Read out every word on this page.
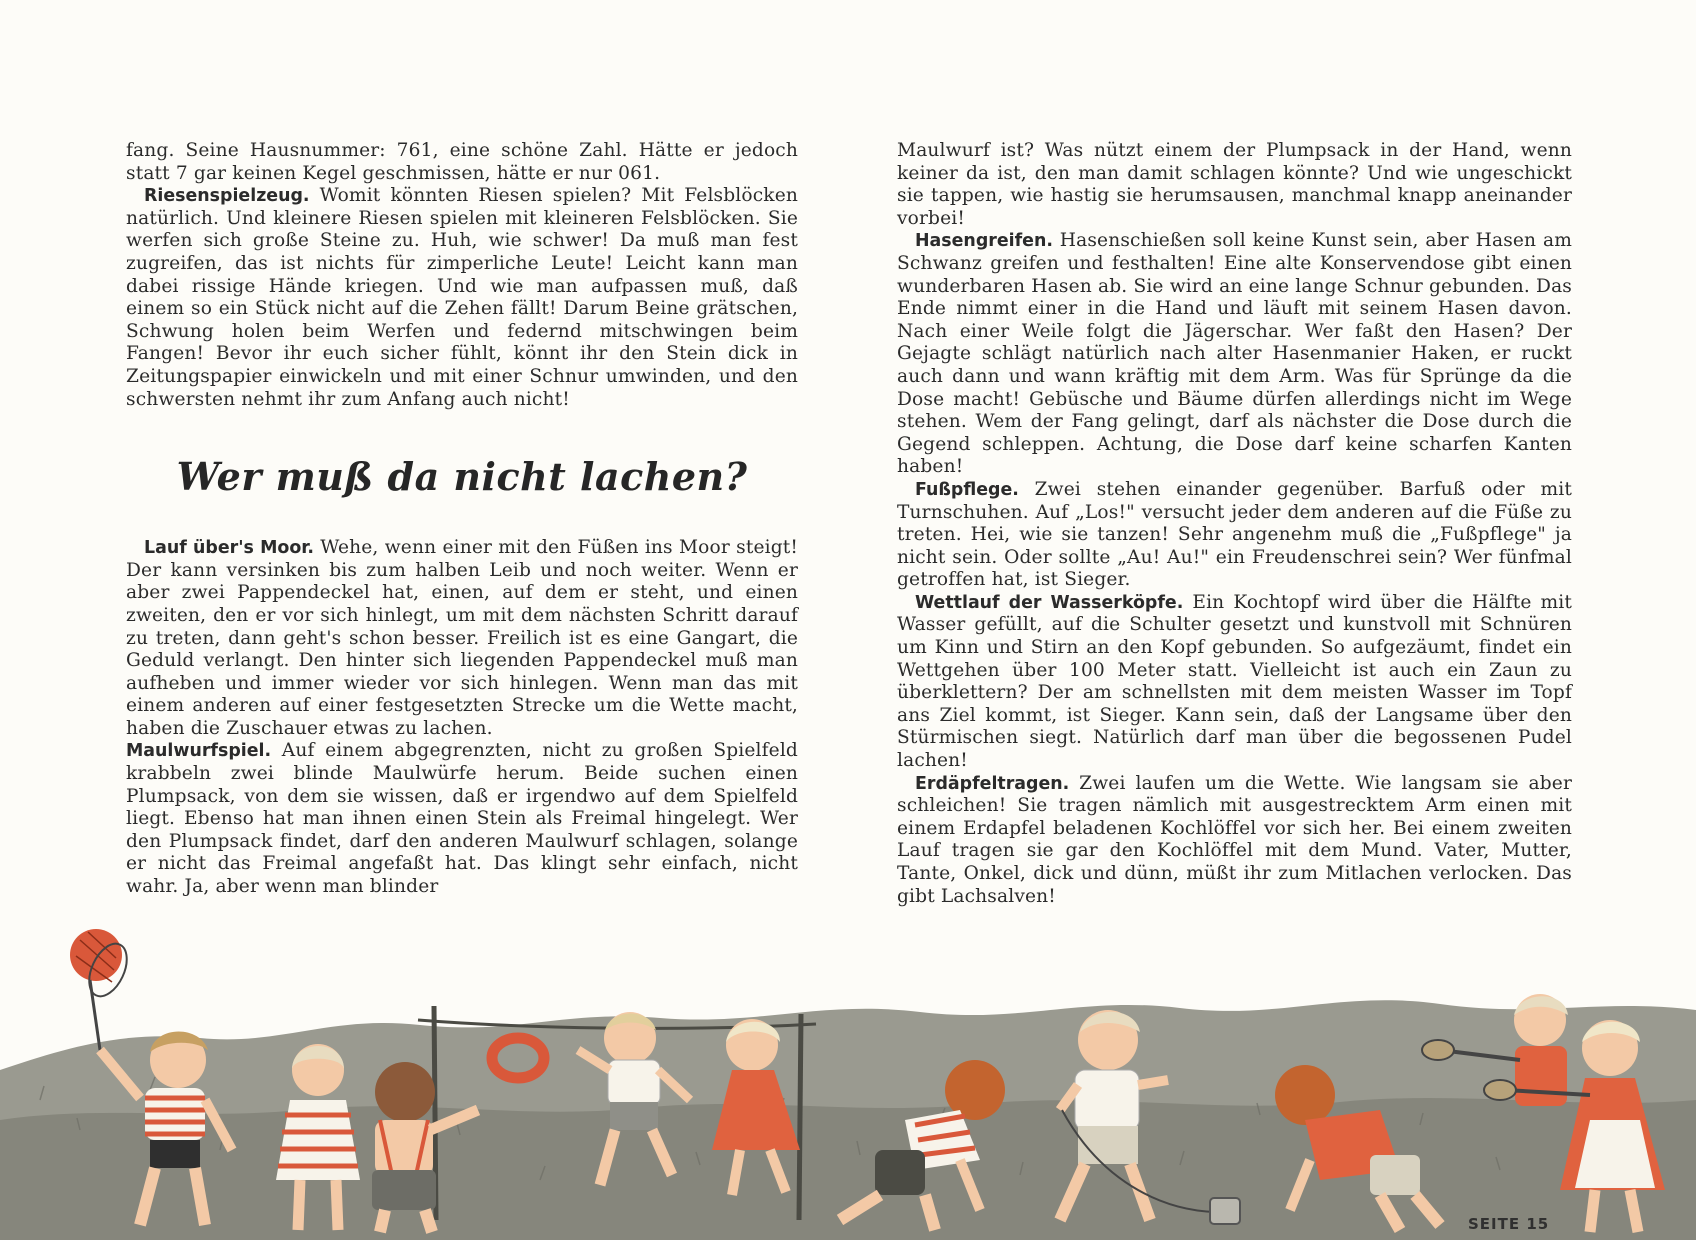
fang. Seine Hausnummer: 761, eine schöne Zahl. Hätte er jedoch statt 7 gar keinen Kegel geschmissen, hätte er nur 061.

Riesenspielzeug. Womit könnten Riesen spielen? Mit Felsblöcken natürlich. Und kleinere Riesen spielen mit kleineren Felsblöcken. Sie werfen sich große Steine zu. Huh, wie schwer! Da muß man fest zugreifen, das ist nichts für zimperliche Leute! Leicht kann man dabei rissige Hände kriegen. Und wie man aufpassen muß, daß einem so ein Stück nicht auf die Zehen fällt! Darum Beine grätschen, Schwung holen beim Werfen und federnd mitschwingen beim Fangen! Bevor ihr euch sicher fühlt, könnt ihr den Stein dick in Zeitungspapier einwickeln und mit einer Schnur umwinden, und den schwersten nehmt ihr zum Anfang auch nicht!

Wer muß da nicht lachen?

Lauf über's Moor. Wehe, wenn einer mit den Füßen ins Moor steigt! Der kann versinken bis zum halben Leib und noch weiter. Wenn er aber zwei Pappendeckel hat, einen, auf dem er steht, und einen zweiten, den er vor sich hinlegt, um mit dem nächsten Schritt darauf zu treten, dann geht's schon besser. Freilich ist es eine Gangart, die Geduld verlangt. Den hinter sich liegenden Pappendeckel muß man aufheben und immer wieder vor sich hinlegen. Wenn man das mit einem anderen auf einer festgesetzten Strecke um die Wette macht, haben die Zuschauer etwas zu lachen.

Maulwurfspiel. Auf einem abgegrenzten, nicht zu großen Spielfeld krabbeln zwei blinde Maulwürfe herum. Beide suchen einen Plumpsack, von dem sie wissen, daß er irgendwo auf dem Spielfeld liegt. Ebenso hat man ihnen einen Stein als Freimal hingelegt. Wer den Plumpsack findet, darf den anderen Maulwurf schlagen, solange er nicht das Freimal angefaßt hat. Das klingt sehr einfach, nicht wahr. Ja, aber wenn man blinder

Maulwurf ist? Was nützt einem der Plumpsack in der Hand, wenn keiner da ist, den man damit schlagen könnte? Und wie ungeschickt sie tappen, wie hastig sie herumsausen, manchmal knapp aneinander vorbei!

Hasengreifen. Hasenschießen soll keine Kunst sein, aber Hasen am Schwanz greifen und festhalten! Eine alte Konservendose gibt einen wunderbaren Hasen ab. Sie wird an eine lange Schnur gebunden. Das Ende nimmt einer in die Hand und läuft mit seinem Hasen davon. Nach einer Weile folgt die Jägerschar. Wer faßt den Hasen? Der Gejagte schlägt natürlich nach alter Hasenmanier Haken, er ruckt auch dann und wann kräftig mit dem Arm. Was für Sprünge da die Dose macht! Gebüsche und Bäume dürfen allerdings nicht im Wege stehen. Wem der Fang gelingt, darf als nächster die Dose durch die Gegend schleppen. Achtung, die Dose darf keine scharfen Kanten haben!

Fußpflege. Zwei stehen einander gegenüber. Barfuß oder mit Turnschuhen. Auf „Los!" versucht jeder dem anderen auf die Füße zu treten. Hei, wie sie tanzen! Sehr angenehm muß die „Fußpflege" ja nicht sein. Oder sollte „Au! Au!" ein Freudenschrei sein? Wer fünfmal getroffen hat, ist Sieger.

Wettlauf der Wasserköpfe. Ein Kochtopf wird über die Hälfte mit Wasser gefüllt, auf die Schulter gesetzt und kunstvoll mit Schnüren um Kinn und Stirn an den Kopf gebunden. So aufgezäumt, findet ein Wettgehen über 100 Meter statt. Vielleicht ist auch ein Zaun zu überklettern? Der am schnellsten mit dem meisten Wasser im Topf ans Ziel kommt, ist Sieger. Kann sein, daß der Langsame über den Stürmischen siegt. Natürlich darf man über die begossenen Pudel lachen!

Erdäpfeltragen. Zwei laufen um die Wette. Wie langsam sie aber schleichen! Sie tragen nämlich mit ausgestrecktem Arm einen mit einem Erdapfel beladenen Kochlöffel vor sich her. Bei einem zweiten Lauf tragen sie gar den Kochlöffel mit dem Mund. Vater, Mutter, Tante, Onkel, dick und dünn, müßt ihr zum Mitlachen verlocken. Das gibt Lachsalven!

SEITE 15
